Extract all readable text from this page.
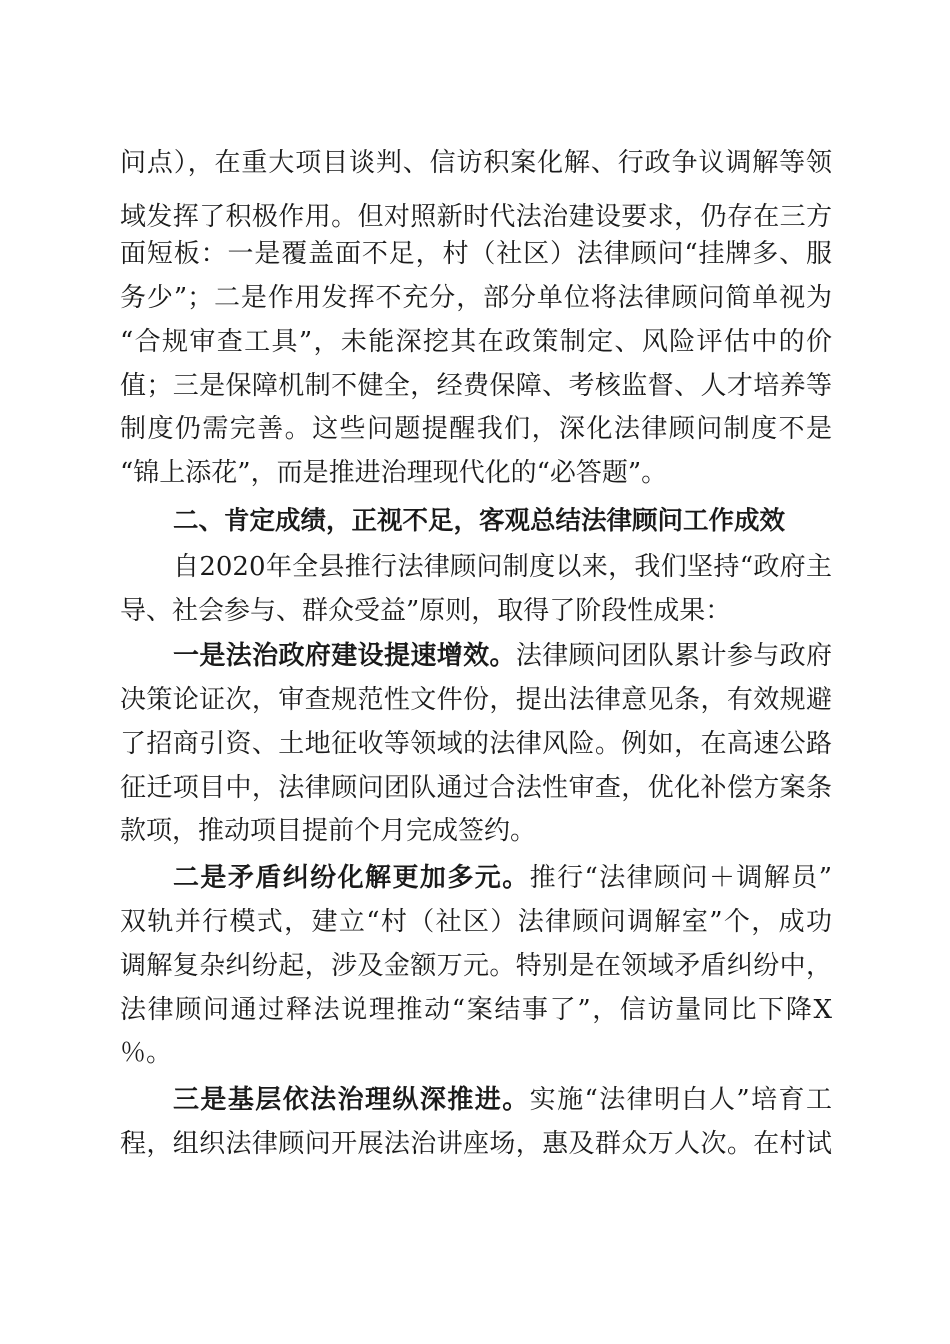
问点），在重大项目谈判、信访积案化解、行政争议调解等领
域发挥了积极作用。但对照新时代法治建设要求，仍存在三方
面短板：一是覆盖面不足，村（社区）法律顾问“挂牌多、服
务少”；二是作用发挥不充分，部分单位将法律顾问简单视为
“合规审查工具”，未能深挖其在政策制定、风险评估中的价
值；三是保障机制不健全，经费保障、考核监督、人才培养等
制度仍需完善。这些问题提醒我们，深化法律顾问制度不是
“锦上添花”，而是推进治理现代化的“必答题”。
二、肯定成绩，正视不足，客观总结法律顾问工作成效
自2020年全县推行法律顾问制度以来，我们坚持“政府主
导、社会参与、群众受益”原则，取得了阶段性成果：
一是法治政府建设提速增效。法律顾问团队累计参与政府
决策论证次，审查规范性文件份，提出法律意见条，有效规避
了招商引资、土地征收等领域的法律风险。例如，在高速公路
征迁项目中，法律顾问团队通过合法性审查，优化补偿方案条
款项，推动项目提前个月完成签约。
二是矛盾纠纷化解更加多元。推行“法律顾问＋调解员”
双轨并行模式，建立“村（社区）法律顾问调解室”个，成功
调解复杂纠纷起，涉及金额万元。特别是在领域矛盾纠纷中，
法律顾问通过释法说理推动“案结事了”，信访量同比下降X
％。
三是基层依法治理纵深推进。实施“法律明白人”培育工
程，组织法律顾问开展法治讲座场，惠及群众万人次。在村试
